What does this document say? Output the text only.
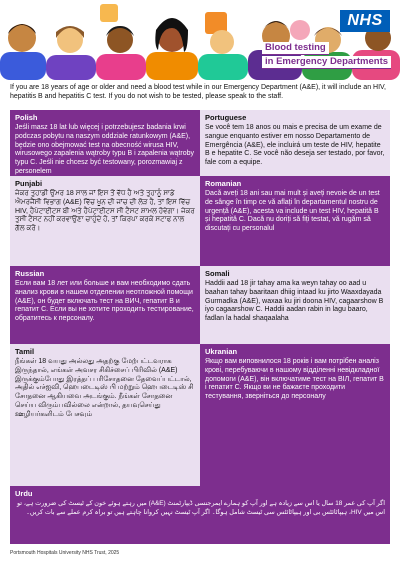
NHS
Blood testing
in Emergency Departments

If you are 18 years of age or older and need a blood test while in our Emergency Department (A&E), it will include an HIV, hepatitis B and hepatitis C test. If you do not wish to be tested, please speak to the staff.

Polish

Jeśli masz 18 lat lub więcej i potrzebujesz badania krwi podczas pobytu na naszym oddziale ratunkowym (A&E), będzie ono obejmować test na obecność wirusa HIV, wirusowego zapalenia wątroby typu B i zapalenia wątroby typu C. Jeśli nie chcesz być testowany, porozmawiaj z personelem

Portuguese

Se você tem 18 anos ou mais e precisa de um exame de sangue enquanto estiver em nosso Departamento de Emergência (A&E), ele incluirá um teste de HIV, hepatite B e hepatite C. Se você não deseja ser testado, por favor, fale com a equipe.

Punjabi

ਜੇਕਰ ਤੁਹਾਡੀ ਉਮਰ 18 ਸਾਲ ਜਾਂ ਇਸ ਤੋਂ ਵੱਧ ਹੈ ਅਤੇ ਤੁਹਾਨੂੰ ਸਾਡੇ ਐਮਰਜੈਂਸੀ ਵਿਭਾਗ (A&E) ਵਿੱਚ ਖੂਨ ਦੀ ਜਾਂਚ ਦੀ ਲੋੜ ਹੈ, ਤਾਂ ਇਸ ਵਿੱਚ HIV, ਹੈਪੇਟਾਈਟਸ ਬੀ ਅਤੇ ਹੈਪੇਟਾਈਟਸ ਸੀ ਟੈਸਟ ਸ਼ਾਮਲ ਹੋਵੇਗਾ। ਜੇਕਰ ਤੁਸੀਂ ਟੈਸਟ ਨਹੀਂ ਕਰਵਾਉਣਾ ਚਾਹੁੰਦੇ ਹੋ, ਤਾਂ ਕਿਰਪਾ ਕਰਕੇ ਸਟਾਫ ਨਾਲ ਗੱਲ ਕਰੋ।

Romanian

Dacă aveți 18 ani sau mai mult și aveți nevoie de un test de sânge în timp ce vă aflați în departamentul nostru de urgență (A&E), acesta va include un test HIV, hepatită B și hepatită C. Dacă nu doriți să fiți testat, vă rugăm să discutați cu personalul

Russian

Если вам 18 лет или больше и вам необходимо сдать анализ крови в нашем отделении неотложной помощи (A&E), он будет включать тест на ВИЧ, гепатит B и гепатит C. Если вы не хотите проходить тестирование, обратитесь к персоналу.

Somali

Haddii aad 18 jir tahay ama ka weyn tahay oo aad u baahan tahay baaritaan dhiig intaad ku jirto Waaxdayada Gurmadka (A&E), waxaa ku jiri doona HIV, cagaarshow B iyo cagaarshow C. Haddii aadan rabin in lagu baaro, fadlan la hadal shaqaalaha

Tamil

நீங்கள் 18 வயது அல்லது அதற்கு மேற்பட்டவராக இருந்தால், எங்கள் அவசர சிகிச்சைப் பிரிவில் (A&E) இருக்கும்போது இரத்தப் பரிசோதனை தேவைப்பட்டால், அதில் எச்ஐவி, ஹெபடைடிஸ் பி மற்றும் ஹெபடைடிஸ் சி சோதனை ஆகியவை அடங்கும். நீங்கள் சோதனை செய்ய விரும்பவில்லை என்றால், தயவுசெய்து ஊழியர்களிடம் பேசவும்

Ukranian

Якщо вам виповнилося 18 років і вам потрібен аналіз крові, перебуваючи в нашому відділенні невідкладної допомоги (A&E), він включатиме тест на ВІЛ, гепатит B і гепатит C. Якщо ви не бажаєте проходити тестування, зверніться до персоналу

Urdu

اگر آپ کی عمر 18 سال یا اس سے زیادہ ہے اور آپ کو ہمارے ایمرجنسی ڈیپارٹمنٹ (A&E) میں رہتے ہوئے خون کے ٹیسٹ کی ضرورت ہے، تو اس میں HIV، ہیپاٹائٹس بی اور ہیپاٹائٹس سی ٹیسٹ شامل ہوگا۔ اگر آپ ٹیسٹ نہیں کروانا چاہتے ہیں تو براہ کرم عملے سے بات کریں۔

Portsmouth Hospitals University NHS Trust, 2025
